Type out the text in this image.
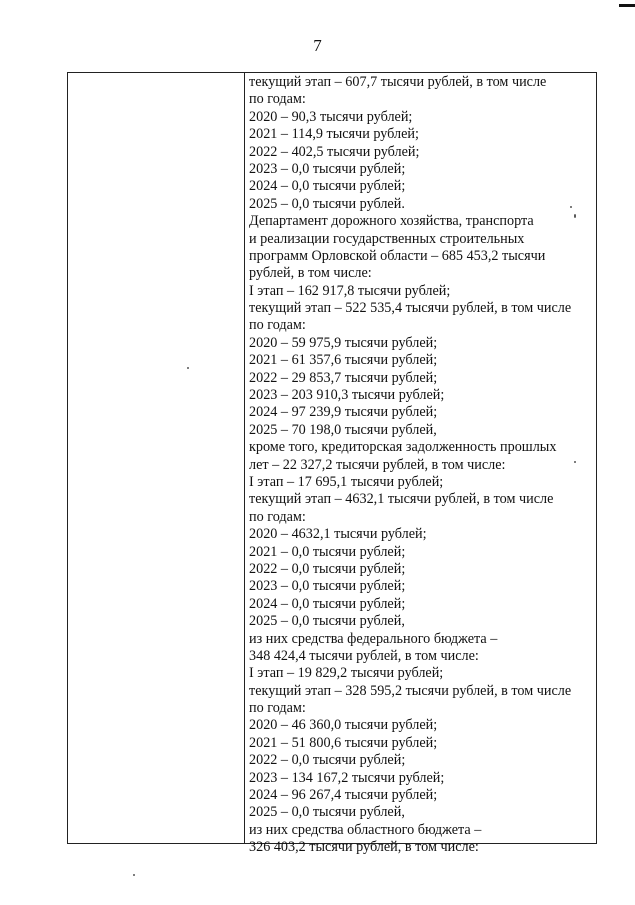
7
текущий этап – 607,7 тысячи рублей, в том числе
по годам:
2020 – 90,3 тысячи рублей;
2021 – 114,9 тысячи рублей;
2022 – 402,5 тысячи рублей;
2023 – 0,0 тысячи рублей;
2024 – 0,0 тысячи рублей;
2025 – 0,0 тысячи рублей.
Департамент дорожного хозяйства, транспорта
и реализации государственных строительных
программ Орловской области – 685 453,2 тысячи
рублей, в том числе:
I этап – 162 917,8 тысячи рублей;
текущий этап – 522 535,4 тысячи рублей, в том числе
по годам:
2020 – 59 975,9 тысячи рублей;
2021 – 61 357,6 тысячи рублей;
2022 – 29 853,7 тысячи рублей;
2023 – 203 910,3 тысячи рублей;
2024 – 97 239,9 тысячи рублей;
2025 – 70 198,0 тысячи рублей,
кроме того, кредиторская задолженность прошлых
лет – 22 327,2 тысячи рублей, в том числе:
I этап – 17 695,1 тысячи рублей;
текущий этап – 4632,1 тысячи рублей, в том числе
по годам:
2020 – 4632,1 тысячи рублей;
2021 – 0,0 тысячи рублей;
2022 – 0,0 тысячи рублей;
2023 – 0,0 тысячи рублей;
2024 – 0,0 тысячи рублей;
2025 – 0,0 тысячи рублей,
из них средства федерального бюджета –
348 424,4 тысячи рублей, в том числе:
I этап – 19 829,2 тысячи рублей;
текущий этап – 328 595,2 тысячи рублей, в том числе
по годам:
2020 – 46 360,0 тысячи рублей;
2021 – 51 800,6 тысячи рублей;
2022 – 0,0 тысячи рублей;
2023 – 134 167,2 тысячи рублей;
2024 – 96 267,4 тысячи рублей;
2025 – 0,0 тысячи рублей,
из них средства областного бюджета –
326 403,2 тысячи рублей, в том числе:
